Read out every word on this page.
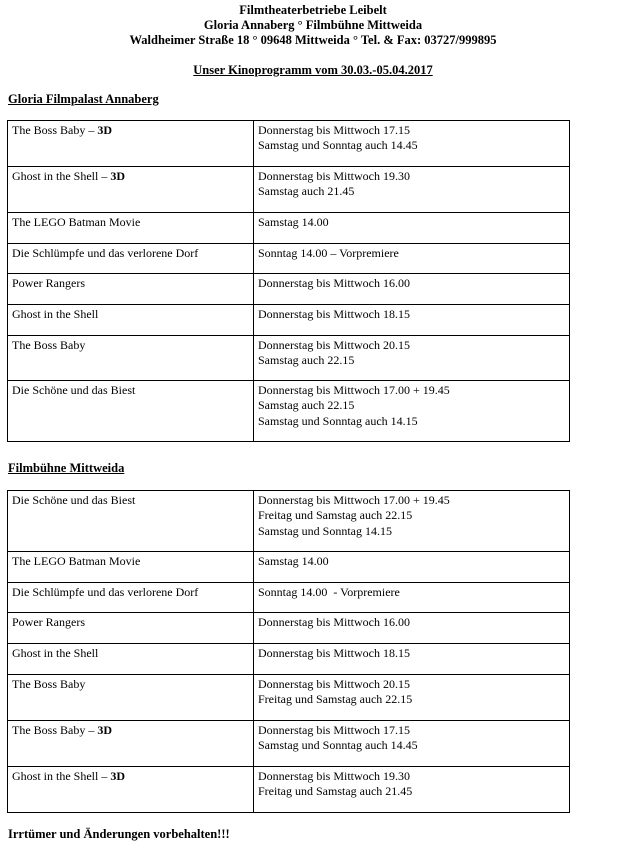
Filmtheaterbetriebe Leibelt
Gloria Annaberg ° Filmbühne Mittweida
Waldheimer Straße 18 ° 09648 Mittweida ° Tel. & Fax: 03727/999895
Unser Kinoprogramm vom 30.03.-05.04.2017
Gloria Filmpalast Annaberg
The Boss Baby – 3D	Donnerstag bis Mittwoch 17.15
Samstag und Sonntag auch 14.45

Ghost in the Shell – 3D	Donnerstag bis Mittwoch 19.30
Samstag auch 21.45

The LEGO Batman Movie	Samstag 14.00

Die Schlümpfe und das verlorene Dorf	Sonntag 14.00 – Vorpremiere

Power Rangers	Donnerstag bis Mittwoch 16.00

Ghost in the Shell	Donnerstag bis Mittwoch 18.15

The Boss Baby	Donnerstag bis Mittwoch 20.15
Samstag auch 22.15

Die Schöne und das Biest	Donnerstag bis Mittwoch 17.00 + 19.45
Samstag auch 22.15
Samstag und Sonntag auch 14.15
Filmbühne Mittweida
Die Schöne und das Biest	Donnerstag bis Mittwoch 17.00 + 19.45
Freitag und Samstag auch 22.15
Samstag und Sonntag 14.15

The LEGO Batman Movie	Samstag 14.00

Die Schlümpfe und das verlorene Dorf	Sonntag 14.00  - Vorpremiere

Power Rangers	Donnerstag bis Mittwoch 16.00

Ghost in the Shell	Donnerstag bis Mittwoch 18.15

The Boss Baby	Donnerstag bis Mittwoch 20.15
Freitag und Samstag auch 22.15

The Boss Baby – 3D	Donnerstag bis Mittwoch 17.15
Samstag und Sonntag auch 14.45

Ghost in the Shell – 3D	Donnerstag bis Mittwoch 19.30
Freitag und Samstag auch 21.45
Irrtümer und Änderungen vorbehalten!!!
